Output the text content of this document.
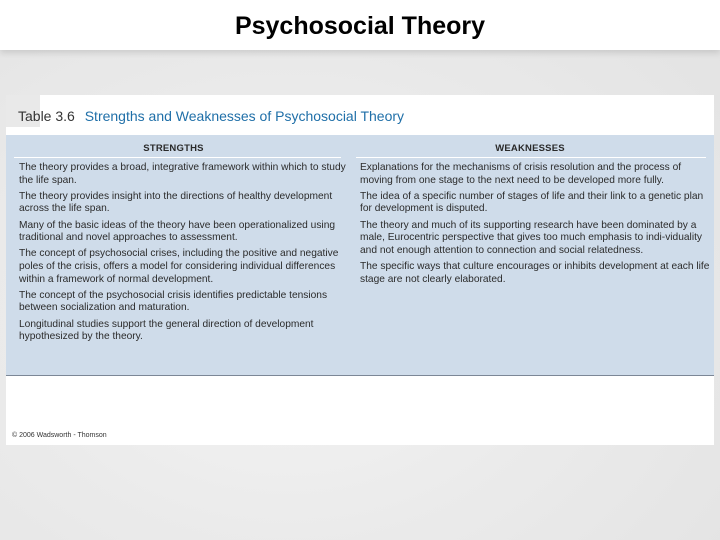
Psychosocial Theory
Table 3.6 Strengths and Weaknesses of Psychosocial Theory
STRENGTHS	WEAKNESSES

The theory provides a broad, integrative framework within which to study the life span.

The theory provides insight into the directions of healthy development across the life span.

Many of the basic ideas of the theory have been operationalized using traditional and novel approaches to assessment.

The concept of psychosocial crises, including the positive and negative poles of the crisis, offers a model for considering individual differences within a framework of normal development.

The concept of the psychosocial crisis identifies predictable tensions between socialization and maturation.

Longitudinal studies support the general direction of development hypothesized by the theory.

Explanations for the mechanisms of crisis resolution and the process of moving from one stage to the next need to be developed more fully.

The idea of a specific number of stages of life and their link to a genetic plan for development is disputed.

The theory and much of its supporting research have been dominated by a male, Eurocentric perspective that gives too much emphasis to indi-viduality and not enough attention to connection and social relatedness.

The specific ways that culture encourages or inhibits development at each life stage are not clearly elaborated.

© 2006 Wadsworth - Thomson
